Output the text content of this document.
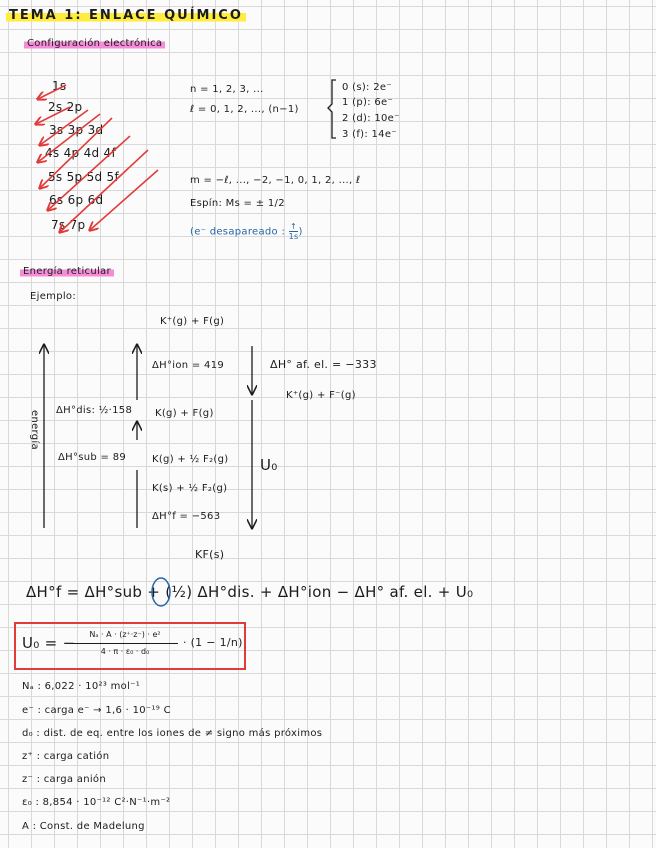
TEMA 1: ENLACE QUÍMICO
Configuración electrónica
1s
2s 2p
3s 3p 3d
4s 4p 4d 4f
5s 5p 5d 5f
6s 6p 6d
7s 7p
n = 1, 2, 3, ...
ℓ = 0, 1, 2, ..., (n−1)
0 (s): 2e⁻
1 (p): 6e⁻
2 (d): 10e⁻
3 (f): 14e⁻
m = −ℓ, ..., −2, −1, 0, 1, 2, ..., ℓ
Espín: Ms = ± 1/2
(e⁻ desapareado : ↑
1s )
Energía reticular
Ejemplo:
K⁺(g) + F(g)
ΔH°ion = 419	ΔH° af. el. = −333
K⁺(g) + F⁻(g)
ΔH°dis: ½·158 K(g) + F(g)
ΔH°sub = 89	K(g) + ½ F₂(g)
K(s) + ½ F₂(g)
ΔH°f = −563
U₀
energía
KF(s)
ΔH°f = ΔH°sub + (½) ΔH°dis. + ΔH°ion − ΔH° af. el. + U₀
U₀ = −	Nₐ · A · (z⁺·z⁻) · e²
4 · π · ε₀ · d₀
· (1 − 1/n)
Nₐ : 6,022 · 10²³ mol⁻¹
e⁻ : carga e⁻ → 1,6 · 10⁻¹⁹ C
d₀ : dist. de eq. entre los iones de ≠ signo más próximos
z⁺ : carga catión
z⁻ : carga anión
ε₀ : 8,854 · 10⁻¹² C²·N⁻¹·m⁻²
A : Const. de Madelung
